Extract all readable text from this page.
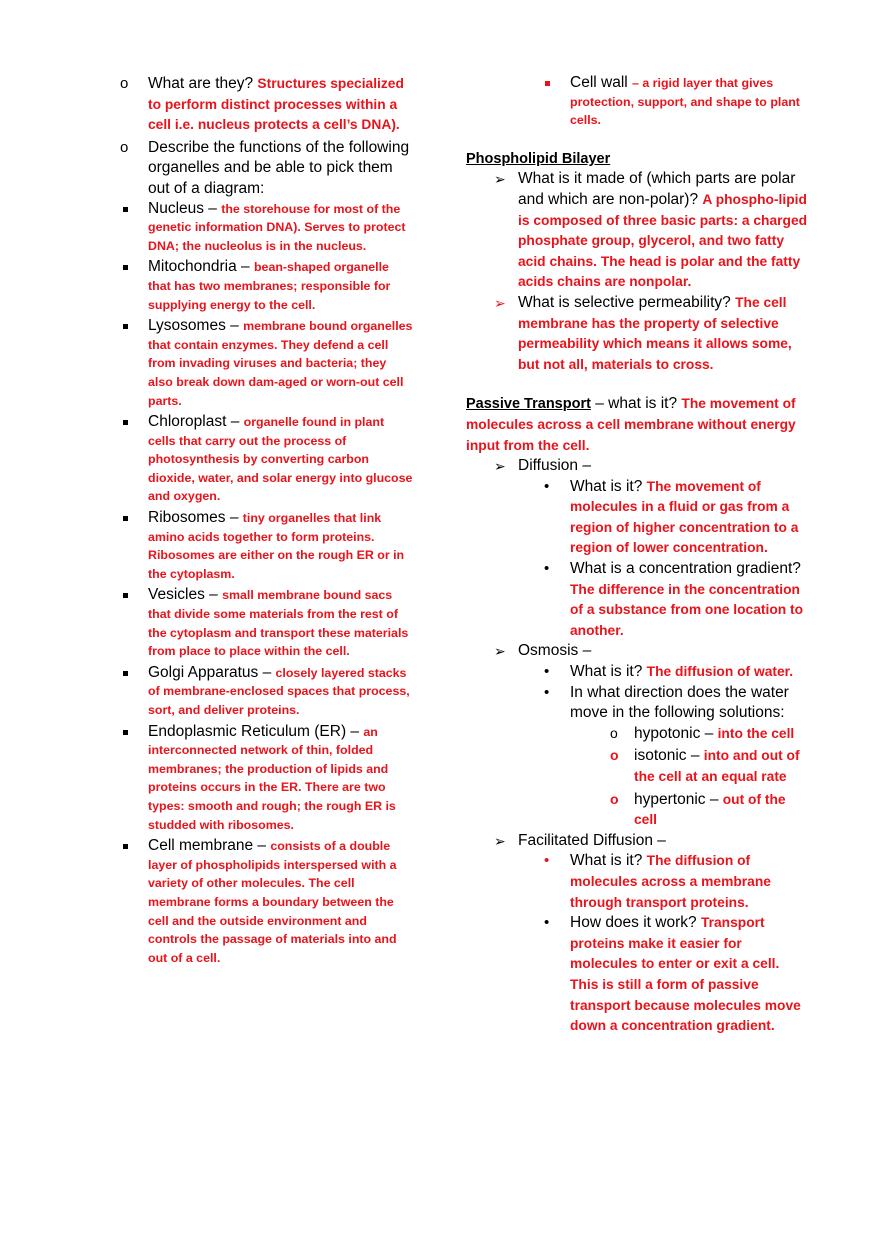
o What are they? Structures specialized to perform distinct processes within a cell i.e. nucleus protects a cell’s DNA).

o Describe the functions of the following organelles and be able to pick them out of a diagram:

Nucleus – the storehouse for most of the genetic information DNA). Serves to protect DNA; the nucleolus is in the nucleus.

Mitochondria – bean-shaped organelle that has two membranes; responsible for supplying energy to the cell.

Lysosomes – membrane bound organelles that contain enzymes. They defend a cell from invading viruses and bacteria; they also break down dam-aged or worn-out cell parts.

Chloroplast – organelle found in plant cells that carry out the process of photosynthesis by converting carbon dioxide, water, and solar energy into glucose and oxygen.

Ribosomes – tiny organelles that link amino acids together to form proteins. Ribosomes are either on the rough ER or in the cytoplasm.

Vesicles – small membrane bound sacs that divide some materials from the rest of the cytoplasm and transport these materials from place to place within the cell.

Golgi Apparatus – closely layered stacks of membrane-enclosed spaces that process, sort, and deliver proteins.

Endoplasmic Reticulum (ER) – an interconnected network of thin, folded membranes; the production of lipids and proteins occurs in the ER. There are two types: smooth and rough; the rough ER is studded with ribosomes.

Cell membrane – consists of a double layer of phospholipids interspersed with a variety of other molecules. The cell membrane forms a boundary between the cell and the outside environment and controls the passage of materials into and out of a cell.

Cell wall – a rigid layer that gives protection, support, and shape to plant cells.

Phospholipid Bilayer

➢ What is it made of (which parts are polar and which are non-polar)? A phospho-lipid is composed of three basic parts: a charged phosphate group, glycerol, and two fatty acid chains. The head is polar and the fatty acids chains are nonpolar.

➢ What is selective permeability? The cell membrane has the property of selective permeability which means it allows some, but not all, materials to cross.

Passive Transport – what is it? The movement of molecules across a cell membrane without energy input from the cell.

➢ Diffusion –

• What is it? The movement of molecules in a fluid or gas from a region of higher concentration to a region of lower concentration.

• What is a concentration gradient? The difference in the concentration of a substance from one location to another.

➢ Osmosis –

• What is it? The diffusion of water.

• In what direction does the water move in the following solutions:

o hypotonic – into the cell

o isotonic – into and out of the cell at an equal rate

o hypertonic – out of the cell

➢ Facilitated Diffusion –

• What is it? The diffusion of molecules across a membrane through transport proteins.

• How does it work? Transport proteins make it easier for molecules to enter or exit a cell. This is still a form of passive transport because molecules move down a concentration gradient.
